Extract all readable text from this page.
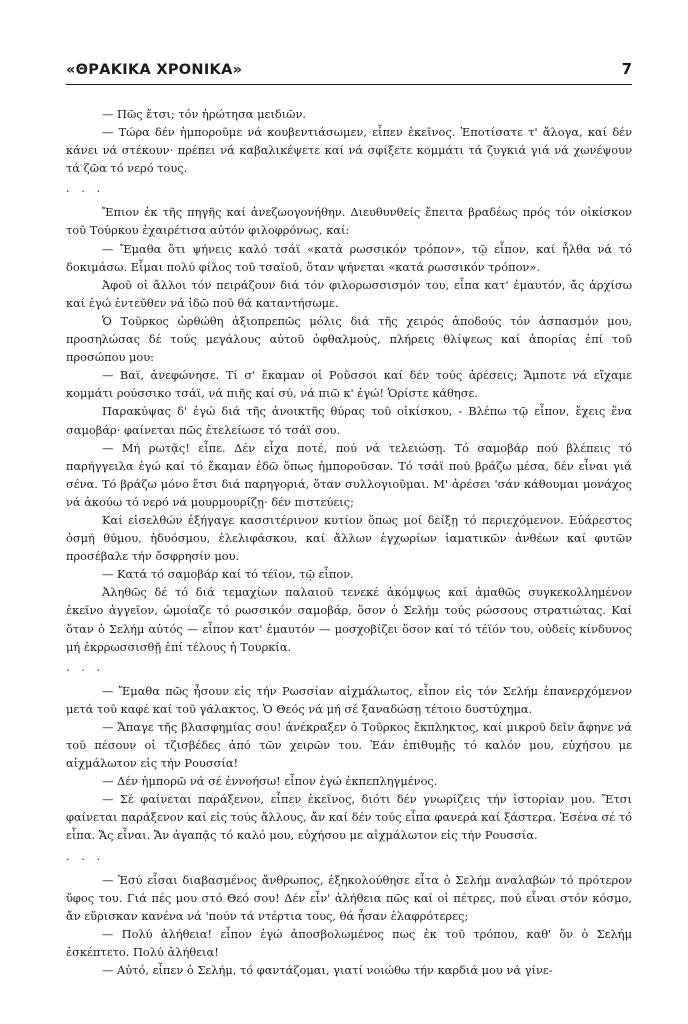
«ΘΡΑΚΙΚΑ ΧΡΟΝΙΚΑ»	7

— Πῶς ἔτσι; τόν ἠρώτησα μειδιῶν.

— Τώρα δέν ἠμποροῦμε νά κουβεντιάσωμεν, εἶπεν ἐκεῖνος. Ἐποτίσατε τ' ἄλογα, καί δέν κάνει νά στέκουν· πρέπει νά καβαλικέψετε καί νά σφίξετε κομμάτι τά ζυγκιά γιά νά χωνέψουν τά ζῶα τό νερό τους.

. . .

Ἔπιον ἐκ τῆς πηγῆς καί ἀνεζωογονήθην. Διευθυνθείς ἔπειτα βραδέως πρός τόν οἰκίσκον τοῦ Τούρκου ἐχαιρέτισα αὐτόν φιλοφρόνως, καί:

— Ἔμαθα ὅτι ψήνεις καλό τσάϊ «κατά ρωσσικόν τρόπον», τῷ εἶπον, καί ἦλθα νά τό δοκιμάσω. Εἶμαι πολύ φίλος τοῦ τσαϊοῦ, ὅταν ψήνεται «κατά ρωσσικόν τρόπον».

Ἀφοῦ οἱ ἄλλοι τόν πειράζουν διά τόν φιλορωσσισμόν του, εἶπα κατ' ἐμαυτόν, ἄς ἀρχίσω καί ἐγώ ἐντεῦθεν νά ἰδῶ ποῦ θά καταντήσωμε.

Ὁ Τοῦρκος ὠρθώθη ἀξιοπρεπῶς μόλις διά τῆς χειρός ἀποδούς τόν ἀσπασμόν μου, προσηλώσας δέ τούς μεγάλους αὐτοῦ ὀφθαλμούς, πλήρεις θλίψεως καί ἀπορίας ἐπί τοῦ προσώπου μου:

— Βαϊ, ἀνεφώνησε. Τί σ' ἔκαμαν οἱ Ροῦσσοι καί δέν τούς ἀρέσεις; Ἄμποτε νά εἴχαμε κομμάτι ρούσσικο τσάϊ, νά πιῆς καί σύ, νά πιῶ κ' ἐγώ! Ὁρίστε κάθησε.

Παρακύψας δ' ἐγώ διά τῆς ἀνοικτῆς θύρας τοῦ οἰκίσκου, - Βλέπω τῷ εἶπον, ἔχεις ἕνα σαμοβάρ· φαίνεται πῶς ἐτελείωσε τό τσάϊ σου.

— Μή ρωτᾷς! εἶπε. Δέν εἶχα ποτέ, πού νά τελειώσῃ. Τό σαμοβάρ πού βλέπεις τό παρήγγειλα ἐγώ καί τό ἔκαμαν ἐδῶ ὅπως ἠμποροῦσαν. Τό τσάϊ πού βράζω μέσα, δέν εἶναι γιά σένα. Τό βράζω μόνο ἔτσι διά παρηγοριά, ὅταν συλλογιοῦμαι. Μ' ἀρέσει 'σάν κάθουμαι μονάχος νά ἀκούω τό νερό νά μουρμουρίζῃ· δέν πιστεύεις;

Καί εἰσελθών ἐξήγαγε κασσιτέρινον κυτίον ὅπως μοί δείξῃ τό περιεχόμενον. Εὐάρεστος ὀσμή θύμου, ἡδυόσμου, ἐλελιφάσκου, καί ἄλλων ἐγχωρίων ἰαματικῶν ἀνθέων καί φυτῶν προσέβαλε τήν ὄσφρησίν μου.

— Κατά τό σαμοβάρ καί τό τέϊον, τῷ εἶπον.

Ἀληθῶς δέ τό διά τεμαχίων παλαιοῦ τενεκέ ἀκόμψως καί ἀμαθῶς συγκεκολλημένον ἐκεῖνο ἀγγεῖον, ὡμοίαζε τό ρωσσικόν σαμοβάρ, ὅσον ὁ Σελήμ τούς ρώσσους στρατιώτας. Καί ὅταν ὁ Σελήμ αὐτός — εἶπον κατ' ἐμαυτόν — μοσχοβίζει ὅσον καί τό τέϊόν του, οὐδείς κίνδυνος μή ἐκρρωσσισθῇ ἐπί τέλους ἡ Τουρκία.

. . .

— Ἔμαθα πῶς ἦσουν εἰς τήν Ρωσσίαν αἰχμάλωτος, εἶπον εἰς τόν Σελήμ ἐπανερχόμενον μετά τοῦ καφέ καί τοῦ γάλακτος. Ὁ Θεός νά μή σέ ξαναδώσῃ τέτοιο δυστύχημα.

— Ἄπαγε τῆς βλασφημίας σου! ἀνέκραξεν ὁ Τοῦρκος ἔκπληκτος, καί μικροῦ δεῖν ἄφηνε νά τοῦ πέσουν οἱ τζισβέδες ἀπό τῶν χειρῶν του. Ἐάν ἐπιθυμῇς τό καλόν μου, εὐχήσου με αἰχμάλωτον εἰς τήν Ρουσσία!

— Δέν ἠμπορῶ νά σέ ἐννοήσω! εἶπον ἐγώ ἐκπεπληγμένος.

— Σέ φαίνεται παράξενον, εἶπεν ἐκεῖνος, διότι δέν γνωρίζεις τήν ἱστορίαν μου. Ἔτσι φαίνεται παράξενον καί εἰς τούς ἄλλους, ἄν καί δέν τούς εἶπα φανερά καί ξάστερα. Ἐσένα σέ τό εἶπα. Ἄς εἶναι. Ἄν ἀγαπᾷς τό καλό μου, εὐχήσου με αἰχμάλωτον εἰς τήν Ρουσσία.

. . .

— Ἐσύ εἶσαι διαβασμένος ἄνθρωπος, ἐξηκολούθησε εἶτα ὁ Σελήμ αναλαβών τό πρότερον ὕφος του. Γιά πές μου στό Θεό σου! Δέν εἶν' ἀλήθεια πῶς καί οἱ πέτρες, πού εἶναι στόν κόσμο, ἄν εὕρισκαν κανένα νά 'πούν τά ντέρτια τους, θά ἦσαν ἐλαφρότερες;

— Πολύ ἀλήθεια! εἶπον ἐγώ ἀποσβολωμένος πως ἐκ τοῦ τρόπου, καθ' ὅν ὁ Σελήμ ἐσκέπτετο. Πολύ ἀλήθεια!

— Αὐτό, εἶπεν ὁ Σελήμ, τό φαντάζομαι, γιατί νοιώθω τήν καρδιά μου νά γίνε-
